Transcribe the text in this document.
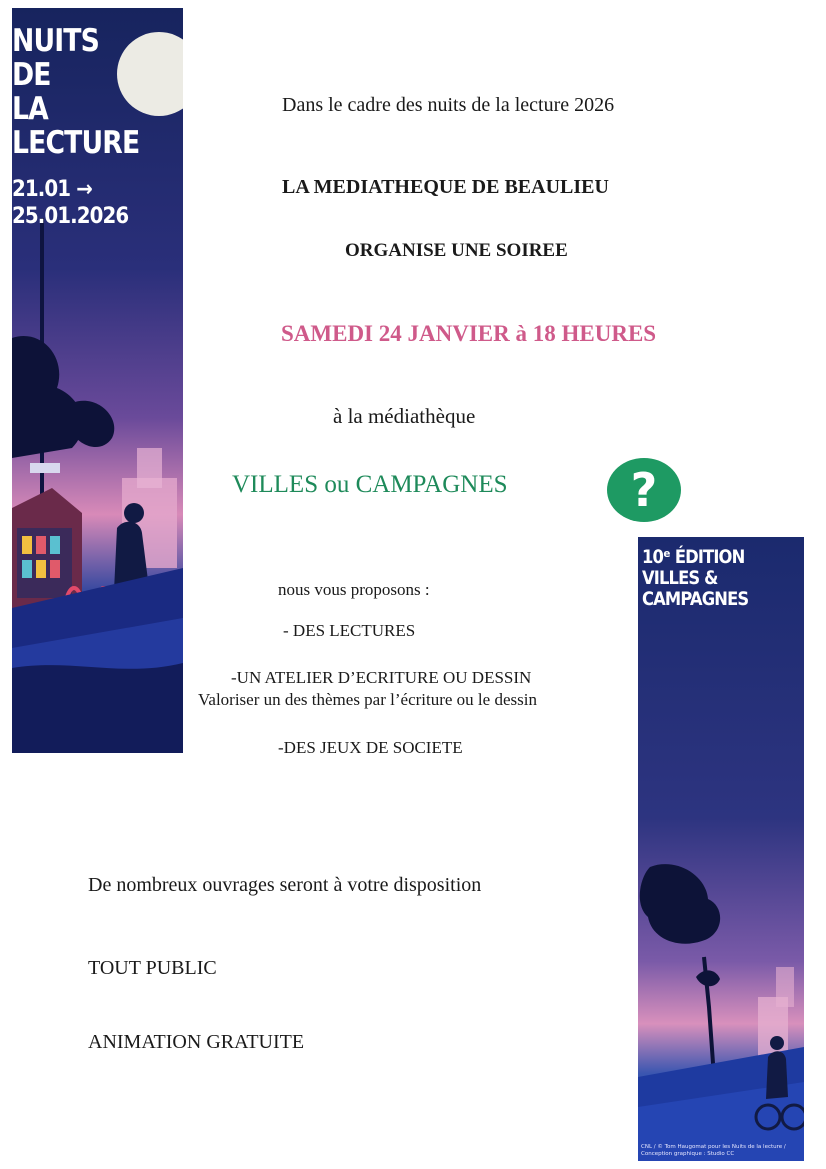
NUITS
DE
LA
LECTURE
21.01 →
25.01.2026
10ᵉ ÉDITION
VILLES &
CAMPAGNES
CNL / © Tom Haugomat pour les Nuits de la lecture /
Conception graphique : Studio CC
Dans le cadre des nuits de la lecture 2026
LA MEDIATHEQUE DE BEAULIEU
ORGANISE UNE SOIREE
SAMEDI 24 JANVIER à 18 HEURES
à la médiathèque
VILLES ou CAMPAGNES	?
nous vous proposons :
- DES LECTURES
-UN ATELIER D’ECRITURE OU DESSIN
Valoriser un des thèmes par l’écriture ou le dessin
-DES JEUX DE SOCIETE
De nombreux ouvrages seront à votre disposition
TOUT PUBLIC
ANIMATION GRATUITE
